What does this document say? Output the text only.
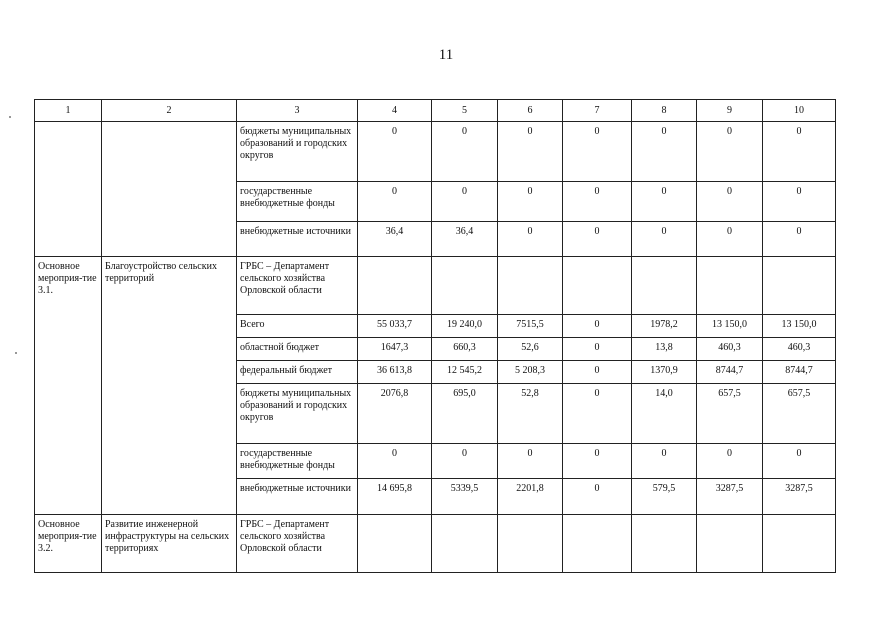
11
1	2	3	4	5	6	7	8	9	10
		бюджеты муниципальных образований и городских округов	0	0	0	0	0	0	0
		государственные внебюджетные фонды	0	0	0	0	0	0	0
		внебюджетные источники	36,4	36,4	0	0	0	0	0
Основное мероприя-тие 3.1.	Благоустройство сельских территорий	ГРБС – Департамент сельского хозяйства Орловской области							
		Всего	55 033,7	19 240,0	7515,5	0	1978,2	13 150,0	13 150,0
		областной бюджет	1647,3	660,3	52,6	0	13,8	460,3	460,3
		федеральный бюджет	36 613,8	12 545,2	5 208,3	0	1370,9	8744,7	8744,7
		бюджеты муниципальных образований и городских округов	2076,8	695,0	52,8	0	14,0	657,5	657,5
		государственные внебюджетные фонды	0	0	0	0	0	0	0
		внебюджетные источники	14 695,8	5339,5	2201,8	0	579,5	3287,5	3287,5
Основное мероприя-тие 3.2.	Развитие инженерной инфраструктуры на сельских территориях	ГРБС – Департамент сельского хозяйства Орловской области							
